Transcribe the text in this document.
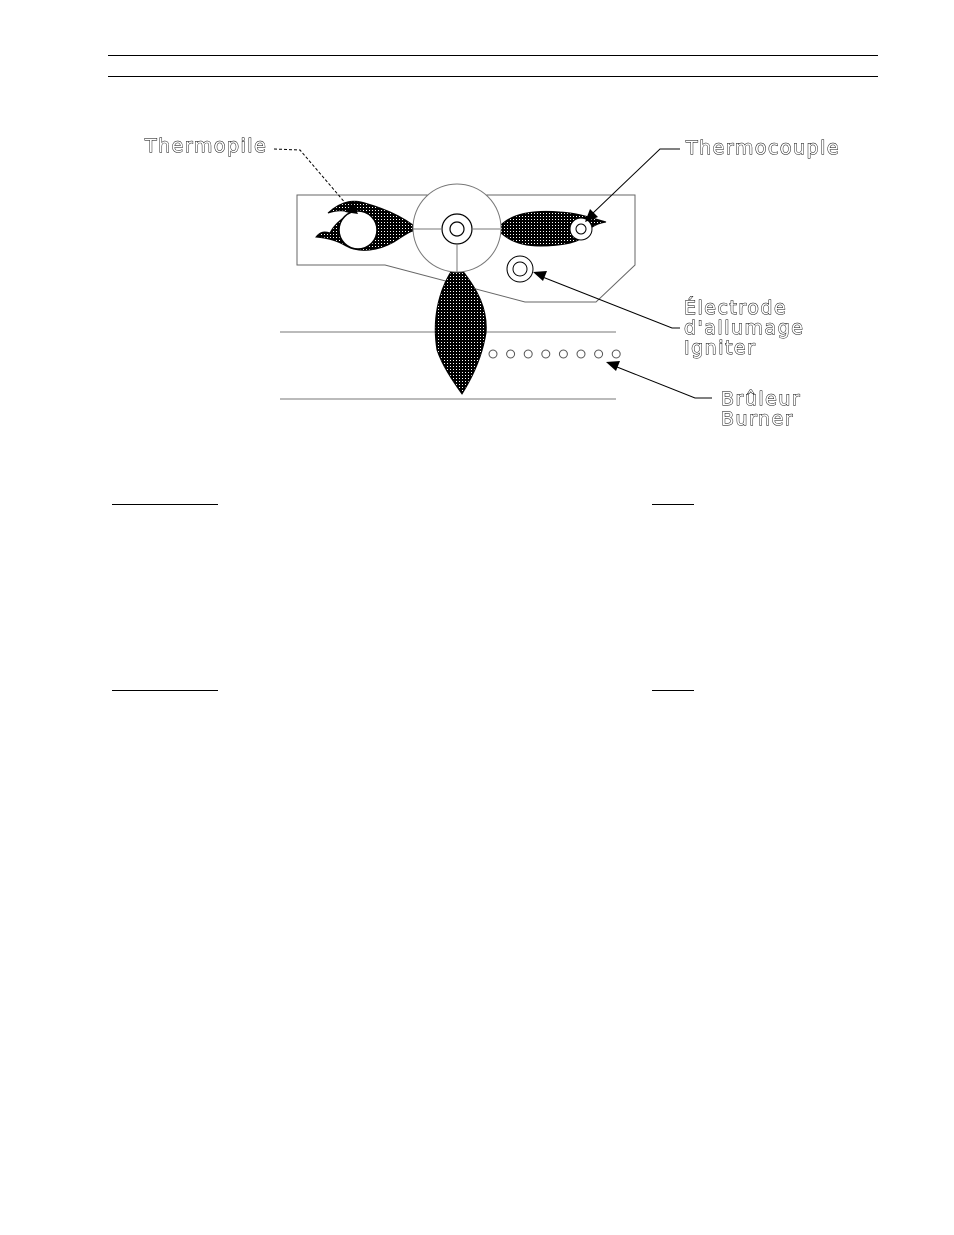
Thermopile	Thermocouple
Électrode
d'allumage
Igniter
Brûleur
Burner
